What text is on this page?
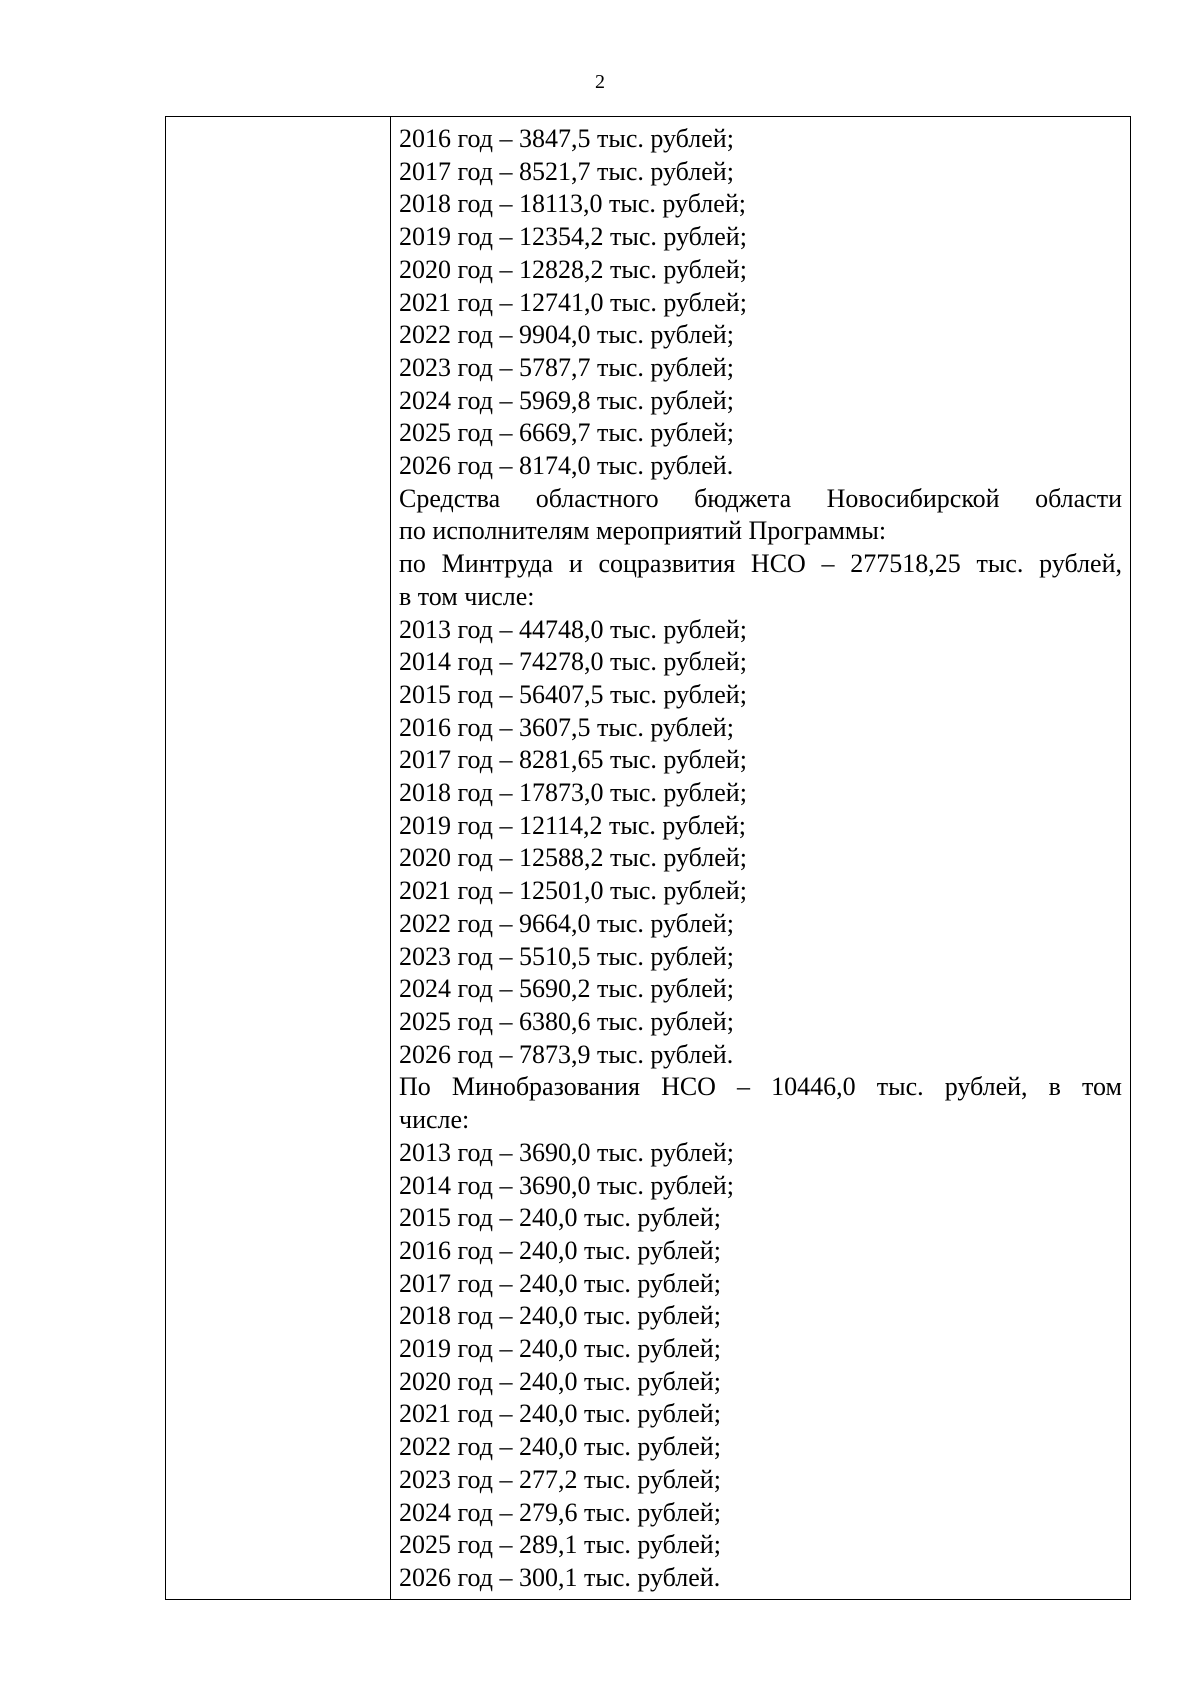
2

2016 год – 3847,5 тыс. рублей;
2017 год – 8521,7 тыс. рублей;
2018 год – 18113,0 тыс. рублей;
2019 год – 12354,2 тыс. рублей;
2020 год – 12828,2 тыс. рублей;
2021 год – 12741,0 тыс. рублей;
2022 год – 9904,0 тыс. рублей;
2023 год – 5787,7 тыс. рублей;
2024 год – 5969,8 тыс. рублей;
2025 год – 6669,7 тыс. рублей;
2026 год – 8174,0 тыс. рублей.
Средства областного бюджета Новосибирской области
по исполнителям мероприятий Программы:
по Минтруда и соцразвития НСО – 277518,25 тыс. рублей,
в том числе:
2013 год – 44748,0 тыс. рублей;
2014 год – 74278,0 тыс. рублей;
2015 год – 56407,5 тыс. рублей;
2016 год – 3607,5 тыс. рублей;
2017 год – 8281,65 тыс. рублей;
2018 год – 17873,0 тыс. рублей;
2019 год – 12114,2 тыс. рублей;
2020 год – 12588,2 тыс. рублей;
2021 год – 12501,0 тыс. рублей;
2022 год – 9664,0 тыс. рублей;
2023 год – 5510,5 тыс. рублей;
2024 год – 5690,2 тыс. рублей;
2025 год – 6380,6 тыс. рублей;
2026 год – 7873,9 тыс. рублей.
По Минобразования НСО – 10446,0 тыс. рублей, в том
числе:
2013 год – 3690,0 тыс. рублей;
2014 год – 3690,0 тыс. рублей;
2015 год – 240,0 тыс. рублей;
2016 год – 240,0 тыс. рублей;
2017 год – 240,0 тыс. рублей;
2018 год – 240,0 тыс. рублей;
2019 год – 240,0 тыс. рублей;
2020 год – 240,0 тыс. рублей;
2021 год – 240,0 тыс. рублей;
2022 год – 240,0 тыс. рублей;
2023 год – 277,2 тыс. рублей;
2024 год – 279,6 тыс. рублей;
2025 год – 289,1 тыс. рублей;
2026 год – 300,1 тыс. рублей.
